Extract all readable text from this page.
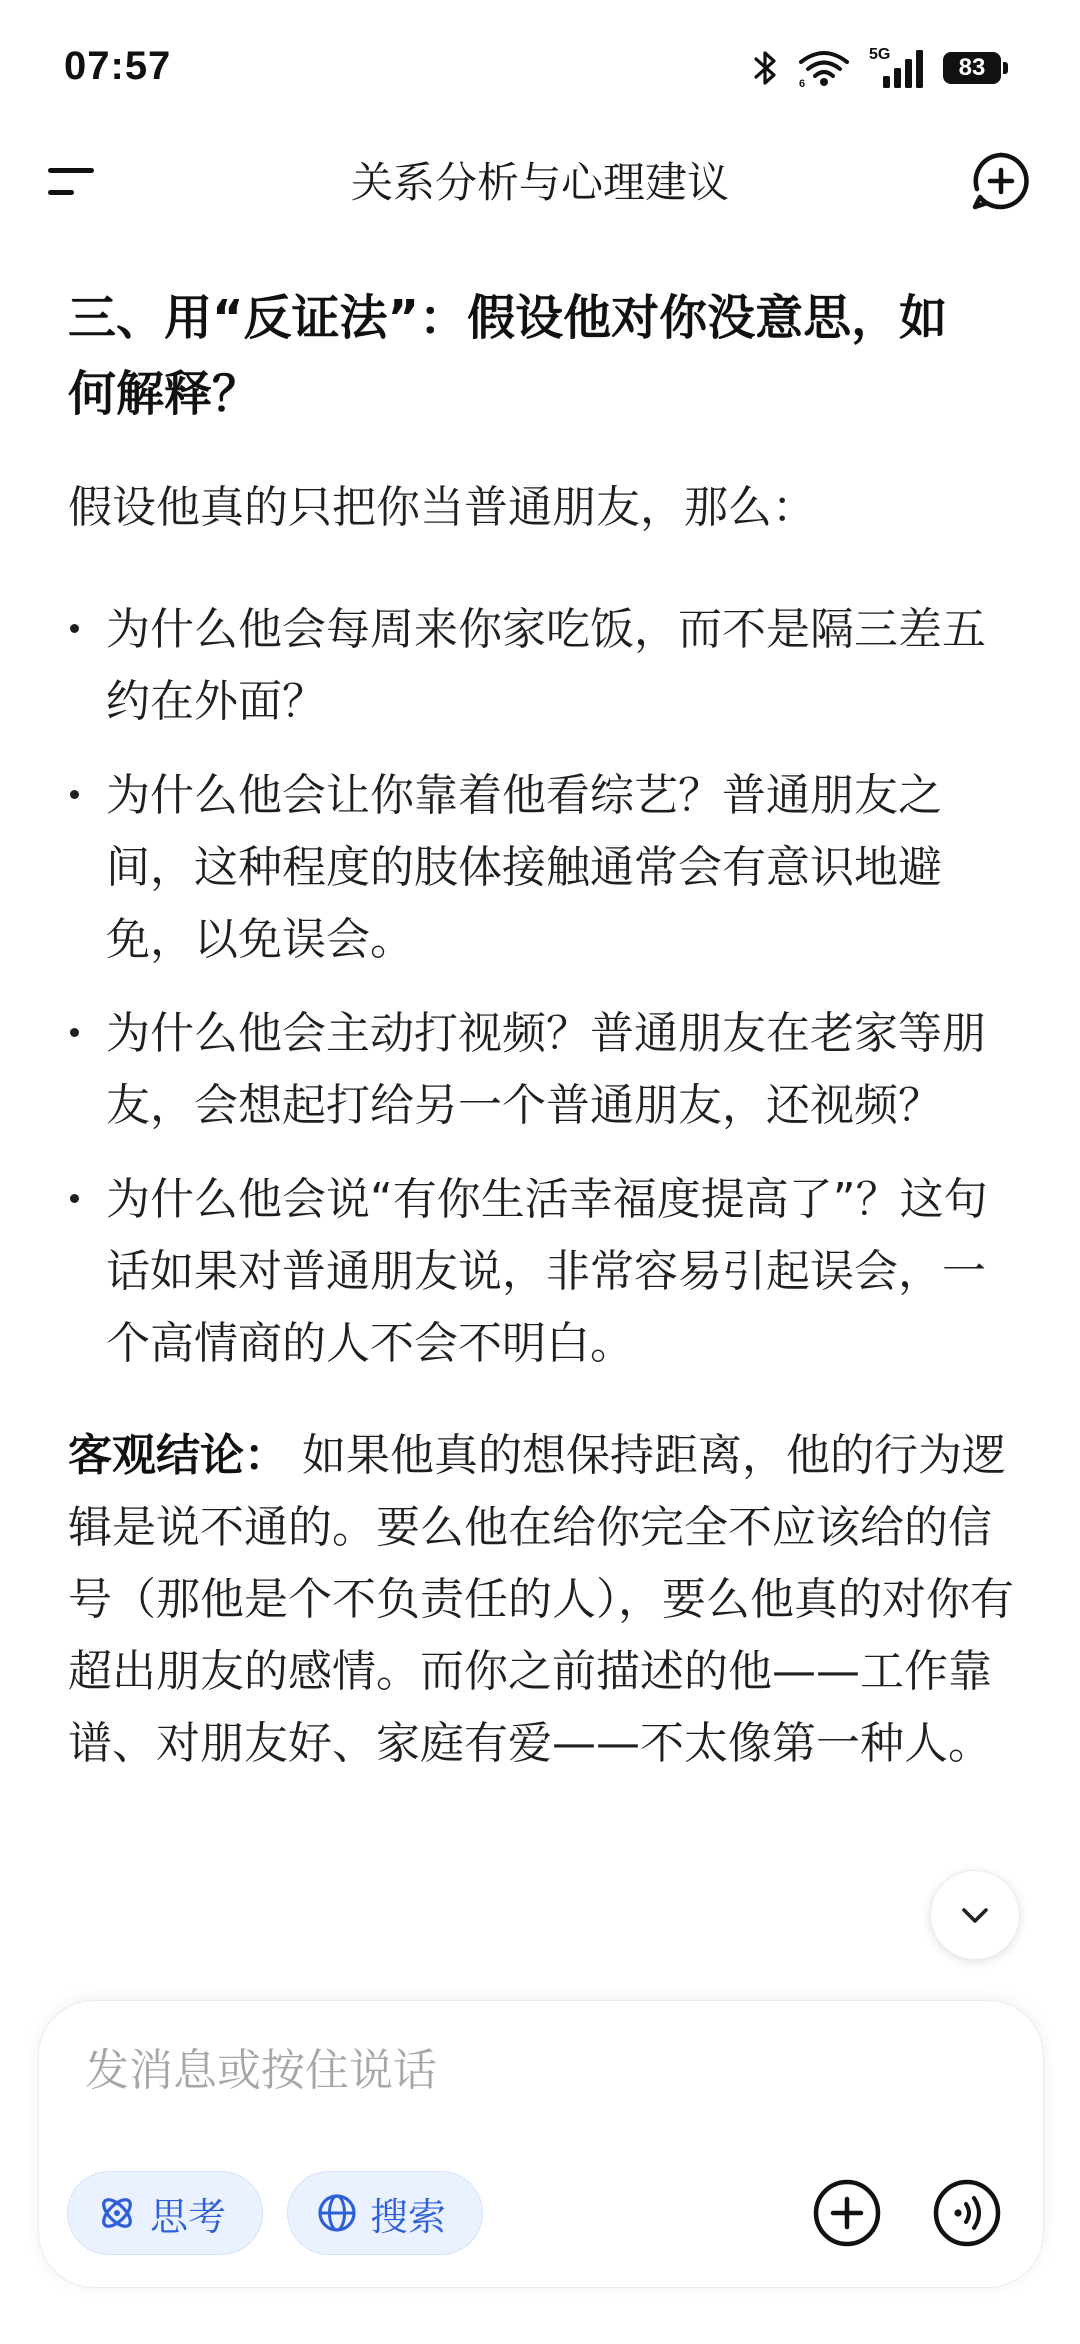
07:57	6
5G	83
关系分析与心理建议
三、用“反证法”：假设他对你没意思，如
何解释？

假设他真的只把你当普通朋友，那么：

为什么他会每周来你家吃饭，而不是隔三差五约在外面？
为什么他会让你靠着他看综艺？普通朋友之间，这种程度的肢体接触通常会有意识地避免，以免误会。
为什么他会主动打视频？普通朋友在老家等朋友，会想起打给另一个普通朋友，还视频？
为什么他会说“有你生活幸福度提高了”？这句话如果对普通朋友说，非常容易引起误会，一个高情商的人不会不明白。

客观结论： 如果他真的想保持距离，他的行为逻辑是说不通的。要么他在给你完全不应该给的信号（那他是个不负责任的人），要么他真的对你有超出朋友的感情。而你之前描述的他——工作靠谱、对朋友好、家庭有爱——不太像第一种人。

发消息或按住说话
思考	搜索
